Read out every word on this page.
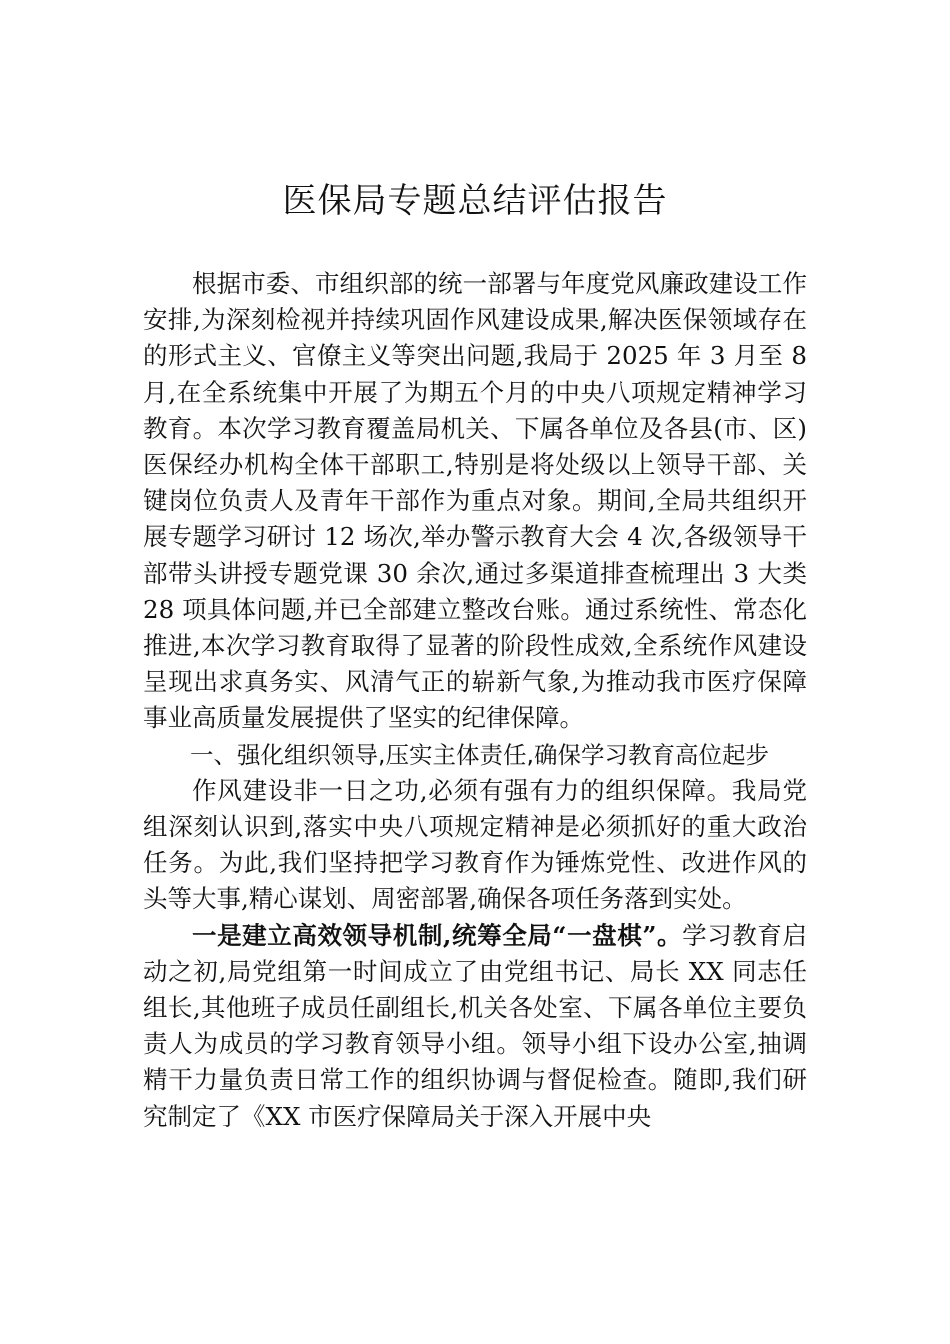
医保局专题总结评估报告

根据市委、市组织部的统一部署与年度党风廉政建设工作安排,为深刻检视并持续巩固作风建设成果,解决医保领域存在的形式主义、官僚主义等突出问题,我局于 2025 年 3 月至 8 月,在全系统集中开展了为期五个月的中央八项规定精神学习教育。本次学习教育覆盖局机关、下属各单位及各县(市、区)医保经办机构全体干部职工,特别是将处级以上领导干部、关键岗位负责人及青年干部作为重点对象。期间,全局共组织开展专题学习研讨 12 场次,举办警示教育大会 4 次,各级领导干部带头讲授专题党课 30 余次,通过多渠道排查梳理出 3 大类 28 项具体问题,并已全部建立整改台账。通过系统性、常态化推进,本次学习教育取得了显著的阶段性成效,全系统作风建设呈现出求真务实、风清气正的崭新气象,为推动我市医疗保障事业高质量发展提供了坚实的纪律保障。

一、强化组织领导,压实主体责任,确保学习教育高位起步

作风建设非一日之功,必须有强有力的组织保障。我局党组深刻认识到,落实中央八项规定精神是必须抓好的重大政治任务。为此,我们坚持把学习教育作为锤炼党性、改进作风的头等大事,精心谋划、周密部署,确保各项任务落到实处。

一是建立高效领导机制,统筹全局“一盘棋”。学习教育启动之初,局党组第一时间成立了由党组书记、局长 XX 同志任组长,其他班子成员任副组长,机关各处室、下属各单位主要负责人为成员的学习教育领导小组。领导小组下设办公室,抽调精干力量负责日常工作的组织协调与督促检查。随即,我们研究制定了《XX 市医疗保障局关于深入开展中央
